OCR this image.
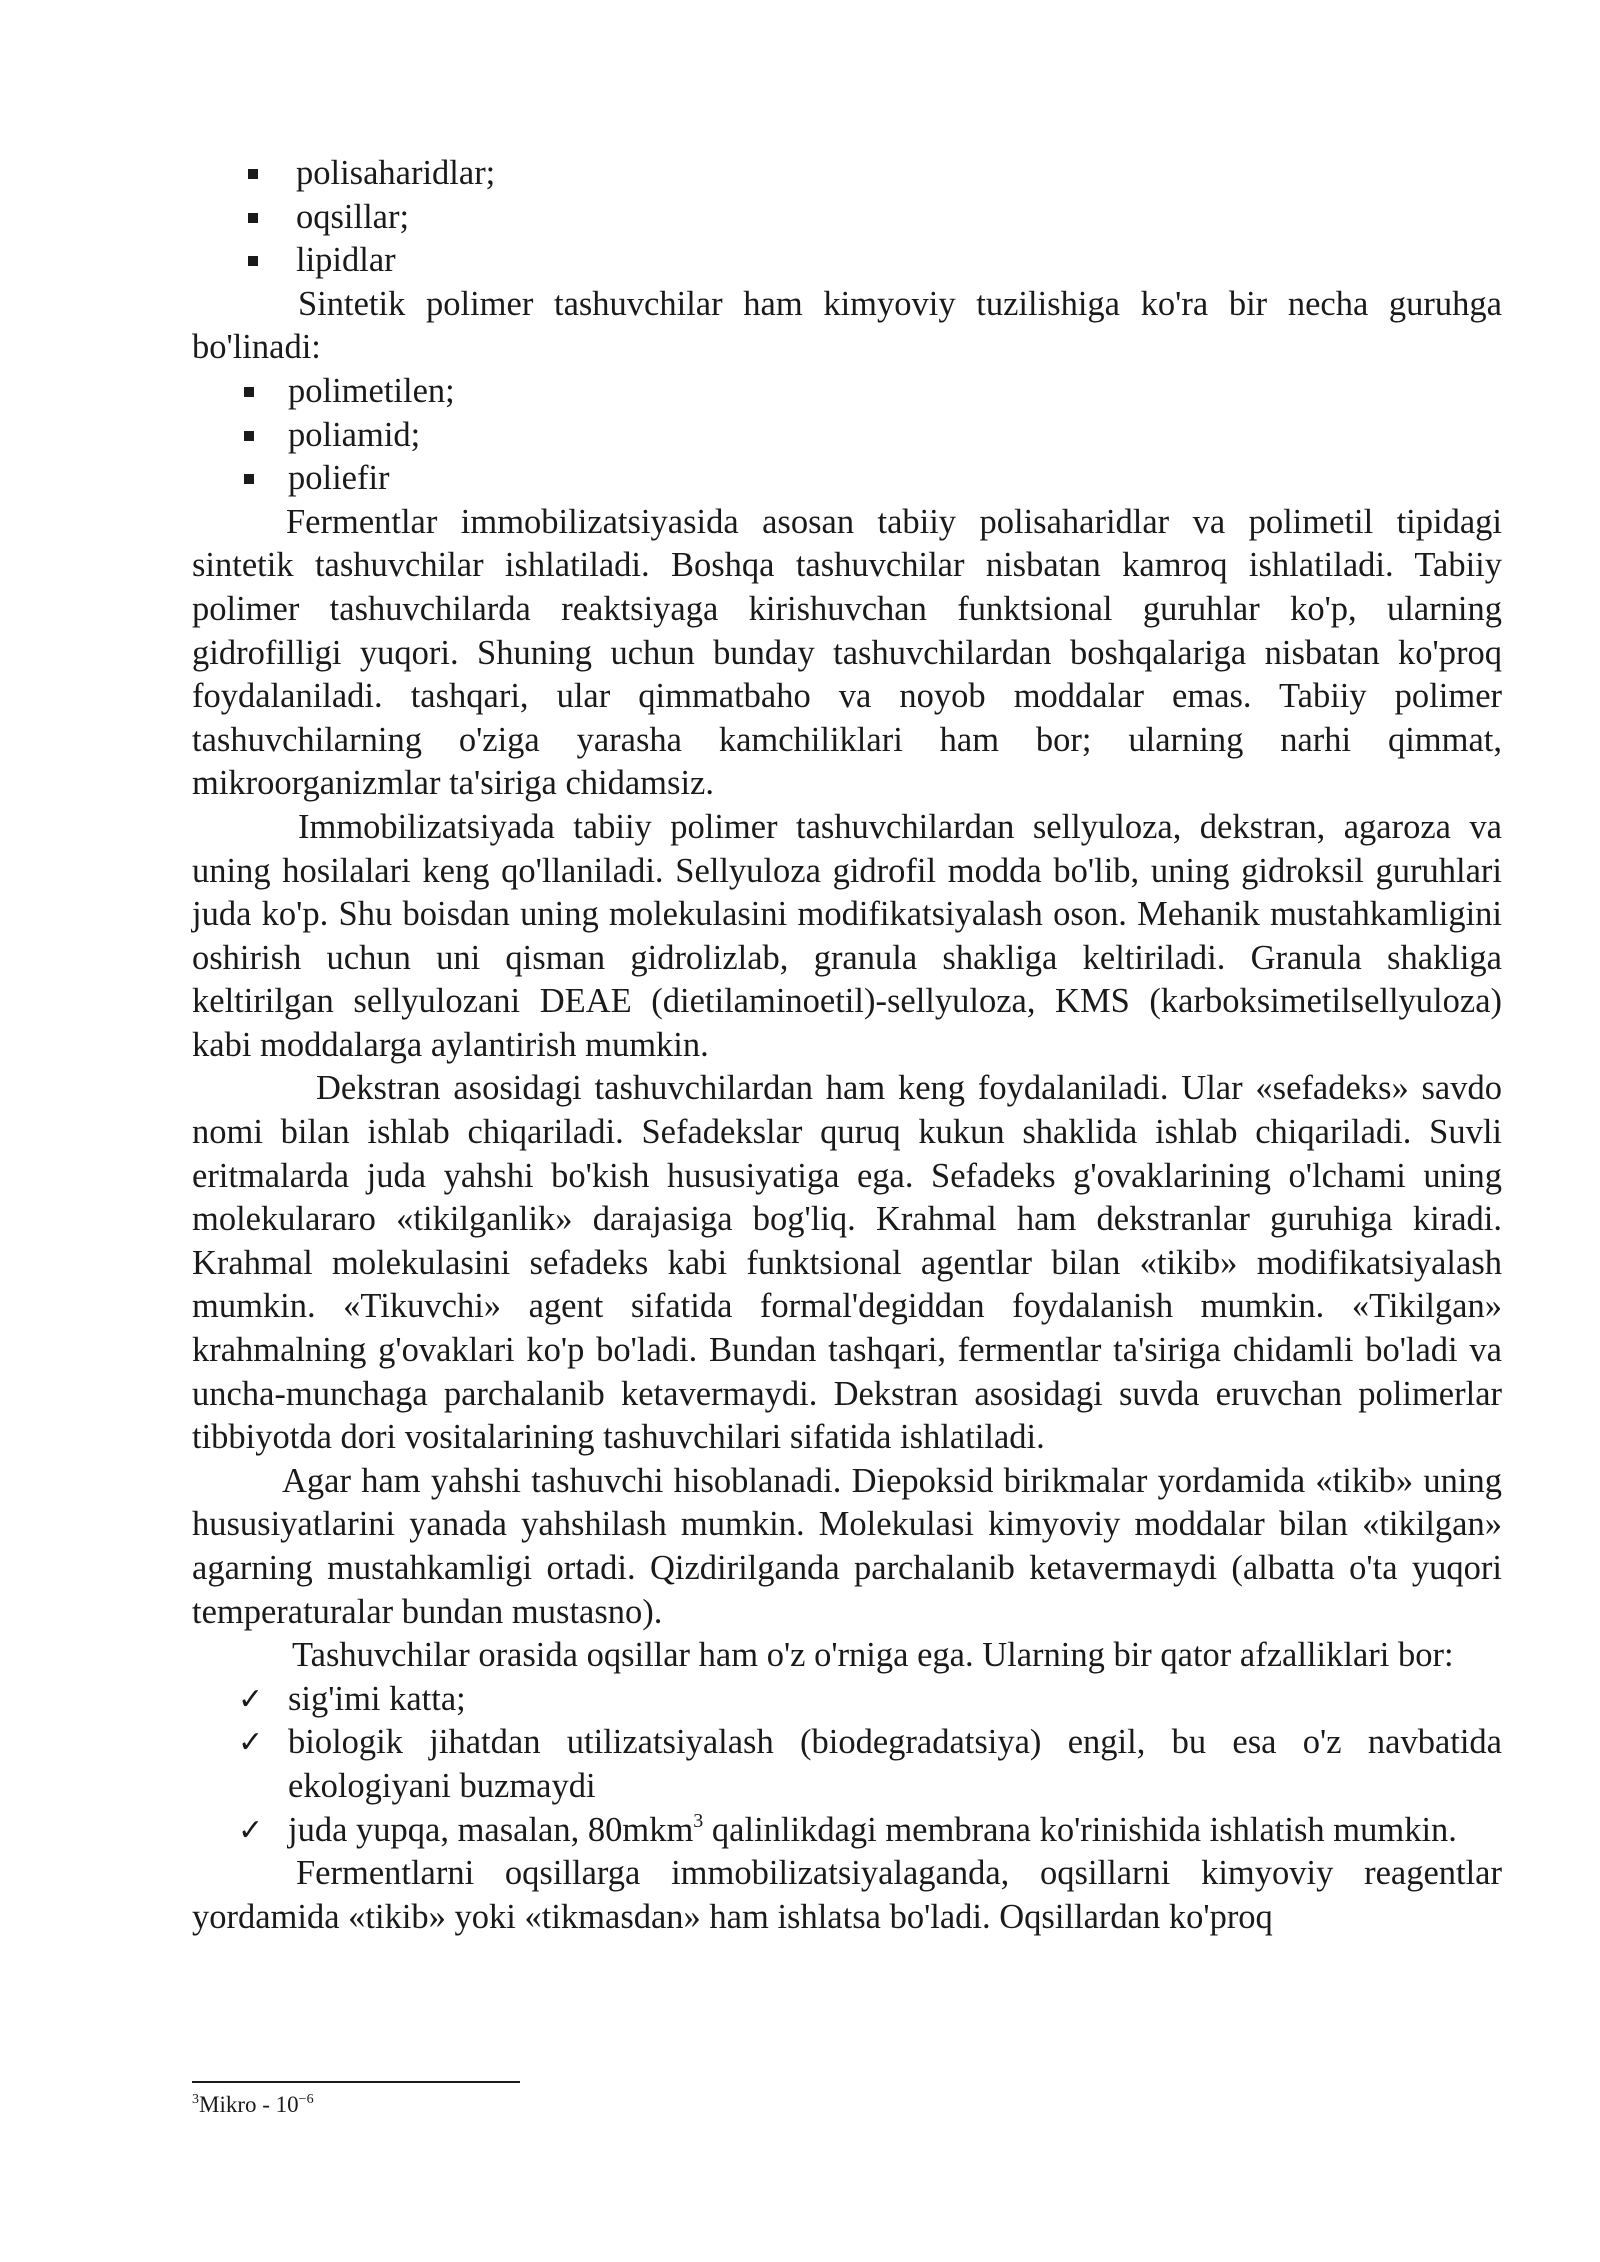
polisaharidlar;
oqsillar;
lipidlar

Sintetik polimer tashuvchilar ham kimyoviy tuzilishiga ko'ra bir necha guruhga bo'linadi:

polimetilen;
poliamid;
poliefir

Fermentlar immobilizatsiyasida asosan tabiiy polisaharidlar va polimetil tipidagi sintetik tashuvchilar ishlatiladi. Boshqa tashuvchilar nisbatan kamroq ishlatiladi. Tabiiy polimer tashuvchilarda reaktsiyaga kirishuvchan funktsional guruhlar ko'p, ularning gidrofilligi yuqori. Shuning uchun bunday tashuvchilardan boshqalariga nisbatan ko'proq foydalaniladi. tashqari, ular qimmatbaho va noyob moddalar emas. Tabiiy polimer tashuvchilarning o'ziga yarasha kamchiliklari ham bor; ularning narhi qimmat, mikroorganizmlar ta'siriga chidamsiz.

Immobilizatsiyada tabiiy polimer tashuvchilardan sellyuloza, dekstran, agaroza va uning hosilalari keng qo'llaniladi. Sellyuloza gidrofil modda bo'lib, uning gidroksil guruhlari juda ko'p. Shu boisdan uning molekulasini modifikatsiyalash oson. Mehanik mustahkamligini oshirish uchun uni qisman gidrolizlab, granula shakliga keltiriladi. Granula shakliga keltirilgan sellyulozani DEAE (dietilaminoetil)-sellyuloza, KMS (karboksimetilsellyuloza) kabi moddalarga aylantirish mumkin.

Dekstran asosidagi tashuvchilardan ham keng foydalaniladi. Ular «sefadeks» savdo nomi bilan ishlab chiqariladi. Sefadekslar quruq kukun shaklida ishlab chiqariladi. Suvli eritmalarda juda yahshi bo'kish hususiyatiga ega. Sefadeks g'ovaklarining o'lchami uning molekulararo «tikilganlik» darajasiga bog'liq. Krahmal ham dekstranlar guruhiga kiradi. Krahmal molekulasini sefadeks kabi funktsional agentlar bilan «tikib» modifikatsiyalash mumkin. «Tikuvchi» agent sifatida formal'degiddan foydalanish mumkin. «Tikilgan» krahmalning g'ovaklari ko'p bo'ladi. Bundan tashqari, fermentlar ta'siriga chidamli bo'ladi va uncha-munchaga parchalanib ketavermaydi. Dekstran asosidagi suvda eruvchan polimerlar tibbiyotda dori vositalarining tashuvchilari sifatida ishlatiladi.

Agar ham yahshi tashuvchi hisoblanadi. Diepoksid birikmalar yordamida «tikib» uning hususiyatlarini yanada yahshilash mumkin. Molekulasi kimyoviy moddalar bilan «tikilgan» agarning mustahkamligi ortadi. Qizdirilganda parchalanib ketavermaydi (albatta o'ta yuqori temperaturalar bundan mustasno).

Tashuvchilar orasida oqsillar ham o'z o'rniga ega. Ularning bir qator afzalliklari bor:

✓ sig'imi katta;
✓ biologik jihatdan utilizatsiyalash (biodegradatsiya) engil, bu esa o'z navbatida ekologiyani buzmaydi
✓ juda yupqa, masalan, 80mkm$^3$ qalinlikdagi membrana ko'rinishida ishlatish mumkin.

Fermentlarni oqsillarga immobilizatsiyalaganda, oqsillarni kimyoviy reagentlar yordamida «tikib» yoki «tikmasdan» ham ishlatsa bo'ladi. Oqsillardan ko'proq

$^3$Mikro - $10^{-6}$
